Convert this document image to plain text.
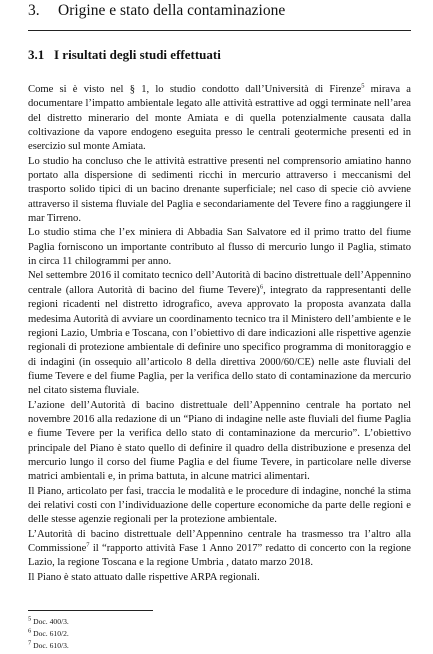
3. Origine e stato della contaminazione
3.1 I risultati degli studi effettuati

Come si è visto nel § 1, lo studio condotto dall’Università di Firenze$^5$ mirava a documentare l’impatto ambientale legato alle attività estrattive ad oggi terminate nell’area del distretto minerario del monte Amiata e di quella potenzialmente causata dalla coltivazione da vapore endogeno eseguita presso le centrali geotermiche presenti ed in esercizio sul monte Amiata.

Lo studio ha concluso che le attività estrattive presenti nel comprensorio amiatino hanno portato alla dispersione di sedimenti ricchi in mercurio attraverso i meccanismi del trasporto solido tipici di un bacino drenante superficiale; nel caso di specie ciò avviene attraverso il sistema fluviale del Paglia e secondariamente del Tevere fino a raggiungere il mar Tirreno.

Lo studio stima che l’ex miniera di Abbadia San Salvatore ed il primo tratto del fiume Paglia forniscono un importante contributo al flusso di mercurio lungo il Paglia, stimato in circa 11 chilogrammi per anno.

Nel settembre 2016 il comitato tecnico dell’Autorità di bacino distrettuale dell’Appennino centrale (allora Autorità di bacino del fiume Tevere)$^6$, integrato da rappresentanti delle regioni ricadenti nel distretto idrografico, aveva approvato la proposta avanzata dalla medesima Autorità di avviare un coordinamento tecnico tra il Ministero dell’ambiente e le regioni Lazio, Umbria e Toscana, con l’obiettivo di dare indicazioni alle rispettive agenzie regionali di protezione ambientale di definire uno specifico programma di monitoraggio e di indagini (in ossequio all’articolo 8 della direttiva 2000/60/CE) nelle aste fluviali del fiume Tevere e del fiume Paglia, per la verifica dello stato di contaminazione da mercurio nel citato sistema fluviale.

L’azione dell’Autorità di bacino distrettuale dell’Appennino centrale ha portato nel novembre 2016 alla redazione di un “Piano di indagine nelle aste fluviali del fiume Paglia e fiume Tevere per la verifica dello stato di contaminazione da mercurio”. L’obiettivo principale del Piano è stato quello di definire il quadro della distribuzione e presenza del mercurio lungo il corso del fiume Paglia e del fiume Tevere, in particolare nelle diverse matrici ambientali e, in prima battuta, in alcune matrici alimentari.

Il Piano, articolato per fasi, traccia le modalità e le procedure di indagine, nonché la stima dei relativi costi con l’individuazione delle coperture economiche da parte delle regioni e delle stesse agenzie regionali per la protezione ambientale.

L’Autorità di bacino distrettuale dell’Appennino centrale ha trasmesso tra l’altro alla Commissione$^7$ il “rapporto attività Fase 1 Anno 2017” redatto di concerto con la regione Lazio, la regione Toscana e la regione Umbria , datato marzo 2018.

Il Piano è stato attuato dalle rispettive ARPA regionali.

$^5$ Doc. 400/3.
$^6$ Doc. 610/2.
$^7$ Doc. 610/3.
